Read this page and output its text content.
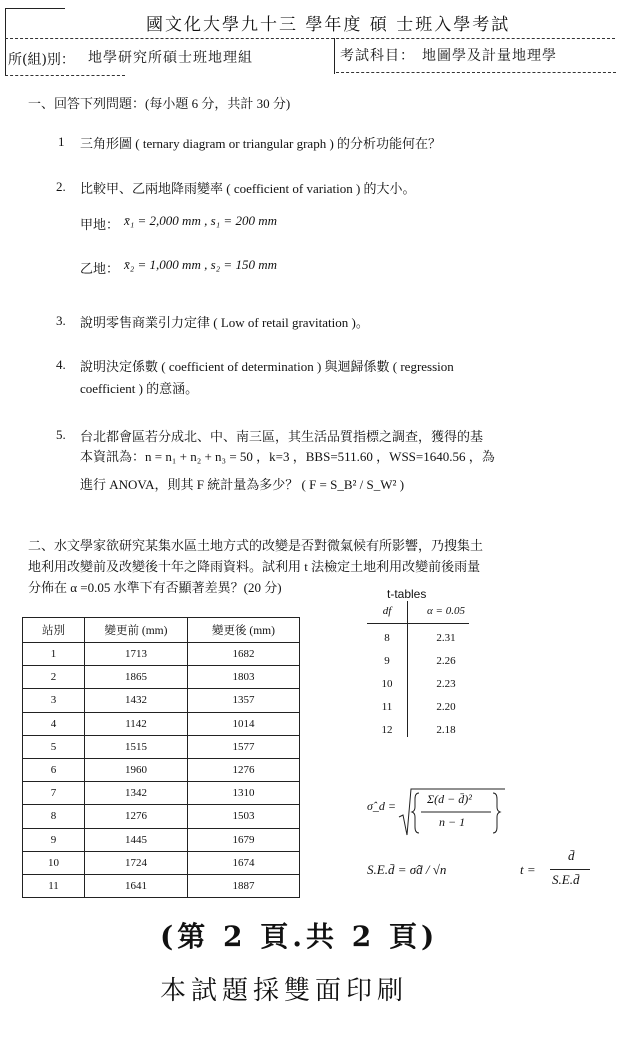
國文化大學九十三 學年度 碩 士班入學考試
所(組)別： 地學研究所碩士班地理組	考試科目： 地圖學及計量地理學
一、回答下列問題：(每小題 6 分，共計 30 分)
1 三角形圖 ( ternary diagram or triangular graph ) 的分析功能何在？
2. 比較甲、乙兩地降雨變率 ( coefficient of variation ) 的大小。
甲地： x̄₁ = 2,000 mm , s₁ = 200 mm
乙地： x̄₂ = 1,000 mm , s₂ = 150 mm
3. 說明零售商業引力定律 ( Low of retail gravitation )。
4. 說明決定係數 ( coefficient of determination ) 與迴歸係數 ( regression
coefficient ) 的意涵。
5. 台北都會區若分成北、中、南三區，其生活品質指標之調查，獲得的基
本資訊為：n = n₁ + n₂ + n₃ = 50 ，k=3 ，BBS=511.60 ，WSS=1640.56 ，為
進行 ANOVA，則其 F 統計量為多少？ ( F = S_B² / S_W² )
二、水文學家欲研究某集水區土地方式的改變是否對微氣候有所影響，乃搜集土
地利用改變前及改變後十年之降雨資料。試利用 t 法檢定土地利用改變前後雨量
分佈在 α =0.05 水準下有否顯著差異？(20 分)
站別	變更前 (mm)	變更後 (mm)
1	1713	1682
2	1865	1803
3	1432	1357
4	1142	1014
5	1515	1577
6	1960	1276
7	1342	1310
8	1276	1503
9	1445	1679
10	1724	1674
11	1641	1887
t-tables
df	α = 0.05
8	2.31
9	2.26
10	2.23
11	2.20
12	2.18
σ̂_d =	Σ(d − d̄)²
n − 1
S.E.d̄ = σ̂d / √n	t =
d̄
S.E.d̄
(第 2 頁.共 2 頁)
本試題採雙面印刷
